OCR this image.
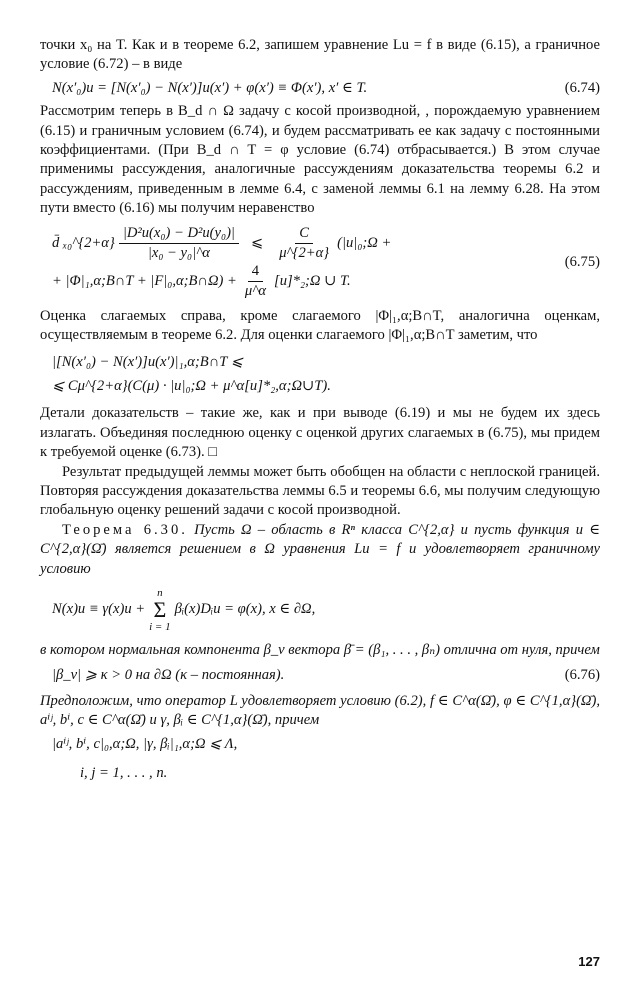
точки x₀ на T. Как и в теореме 6.2, запишем уравнение Lu = f в виде (6.15), а граничное условие (6.72) – в виде

N(x′₀)u = [N(x′₀) − N(x′)]u(x′) + φ(x′) ≡ Φ(x′), x′ ∈ T.	(6.74)

Рассмотрим теперь в B_d ∩ Ω задачу с косой производной, , порождаемую уравнением (6.15) и граничным условием (6.74), и будем рассматривать ее как задачу с постоянными коэффициентами. (При B_d ∩ T = φ условие (6.74) отбрасывается.) В этом случае применимы рассуждения, аналогичные рассуждениям доказательства теоремы 6.2 и рассуждениям, приведенным в лемме 6.4, с заменой леммы 6.1 на лемму 6.28. На этом пути вместо (6.16) мы получим неравенство

d̄ ₓ₀^{2+α} $\frac{\text{|D²u(x₀) − D²u(y₀)|}}{\text{|x₀ − y₀|\textasciicircum{}α}}$ ⩽ $\frac{C}{\mu\^{}\{2+\alpha\}}$ (|u|₀;Ω +
+ |Φ|₁,α;B∩T + |F|₀,α;B∩Ω) + $\frac{4}{\mu\^{}\alpha}$ [u]*₂;Ω ∪ T.
(6.75)

Оценка слагаемых справа, кроме слагаемого |Φ|₁,α;B∩T, аналогична оценкам, осуществляемым в теореме 6.2. Для оценки слагаемого |Φ|₁,α;B∩T заметим, что

|[N(x′₀) − N(x′)]u(x′)|₁,α;B∩T ⩽
⩽ Cμ^{2+α}(C(μ) · |u|₀;Ω + μ^α[u]*₂,α;Ω∪T).

Детали доказательств – такие же, как и при выводе (6.19) и мы не будем их здесь излагать. Объединяя последнюю оценку с оценкой других слагаемых в (6.75), мы придем к требуемой оценке (6.73). □

Результат предыдущей леммы может быть обобщен на области с неплоской границей. Повторяя рассуждения доказательства леммы 6.5 и теоремы 6.6, мы получим следующую глобальную оценку решений задачи с косой производной.

Теорема 6.30. Пусть Ω – область в Rⁿ класса C^{2,α} и пусть функция u ∈ C^{2,α}(Ω̄) является решением в Ω уравнения Lu = f u удовлетворяет граничному условию

N(x)u ≡ γ(x)u +
n
Σ
i = 1
βᵢ(x)Dᵢu = φ(x), x ∈ ∂Ω,

в котором нормальная компонента β_ν вектора β̄ = (β₁, . . . , βₙ) отлична от нуля, причем

|β_ν| ⩾ κ > 0 на ∂Ω (κ – постоянная).	(6.76)

Предположим, что оператор L удовлетворяет условию (6.2), f ∈ C^α(Ω̄), φ ∈ C^{1,α}(Ω̄), aⁱʲ, bⁱ, c ∈ C^α(Ω̄) u γ, βᵢ ∈ C^{1,α}(Ω̄), причем

|aⁱʲ, bⁱ, c|₀,α;Ω, |γ, βᵢ|₁,α;Ω ⩽ Λ,
i, j = 1, . . . , n.
127
